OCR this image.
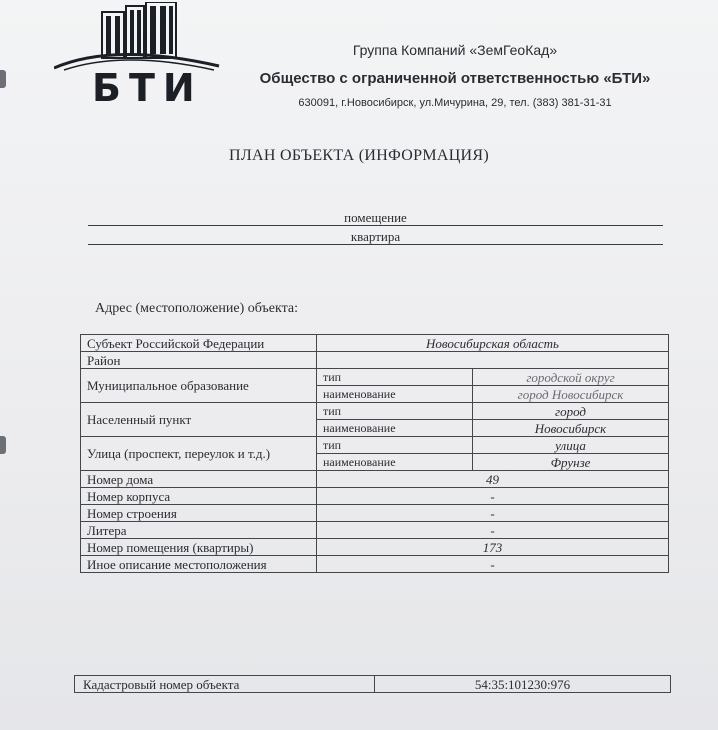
БТИ
Группа Компаний «ЗемГеоКад»
Общество с ограниченной ответственностью «БТИ»
630091, г.Новосибирск, ул.Мичурина, 29, тел. (383) 381-31-31
ПЛАН ОБЪЕКТА (ИНФОРМАЦИЯ)
помещение
квартира
Адрес (местоположение) объекта:
Субъект Российской Федерации	Новосибирская область	
Район		
Муниципальное образование	тип	городской округ
	наименование	город Новосибирск
Населенный пункт	тип	город
	наименование	Новосибирск
Улица (проспект, переулок и т.д.)	тип	улица
	наименование	Фрунзе
Номер дома	49	
Номер корпуса	-	
Номер строения	-	
Литера	-	
Номер помещения (квартиры)	173	
Иное описание местоположения	-	
Кадастровый номер объекта	54:35:101230:976
